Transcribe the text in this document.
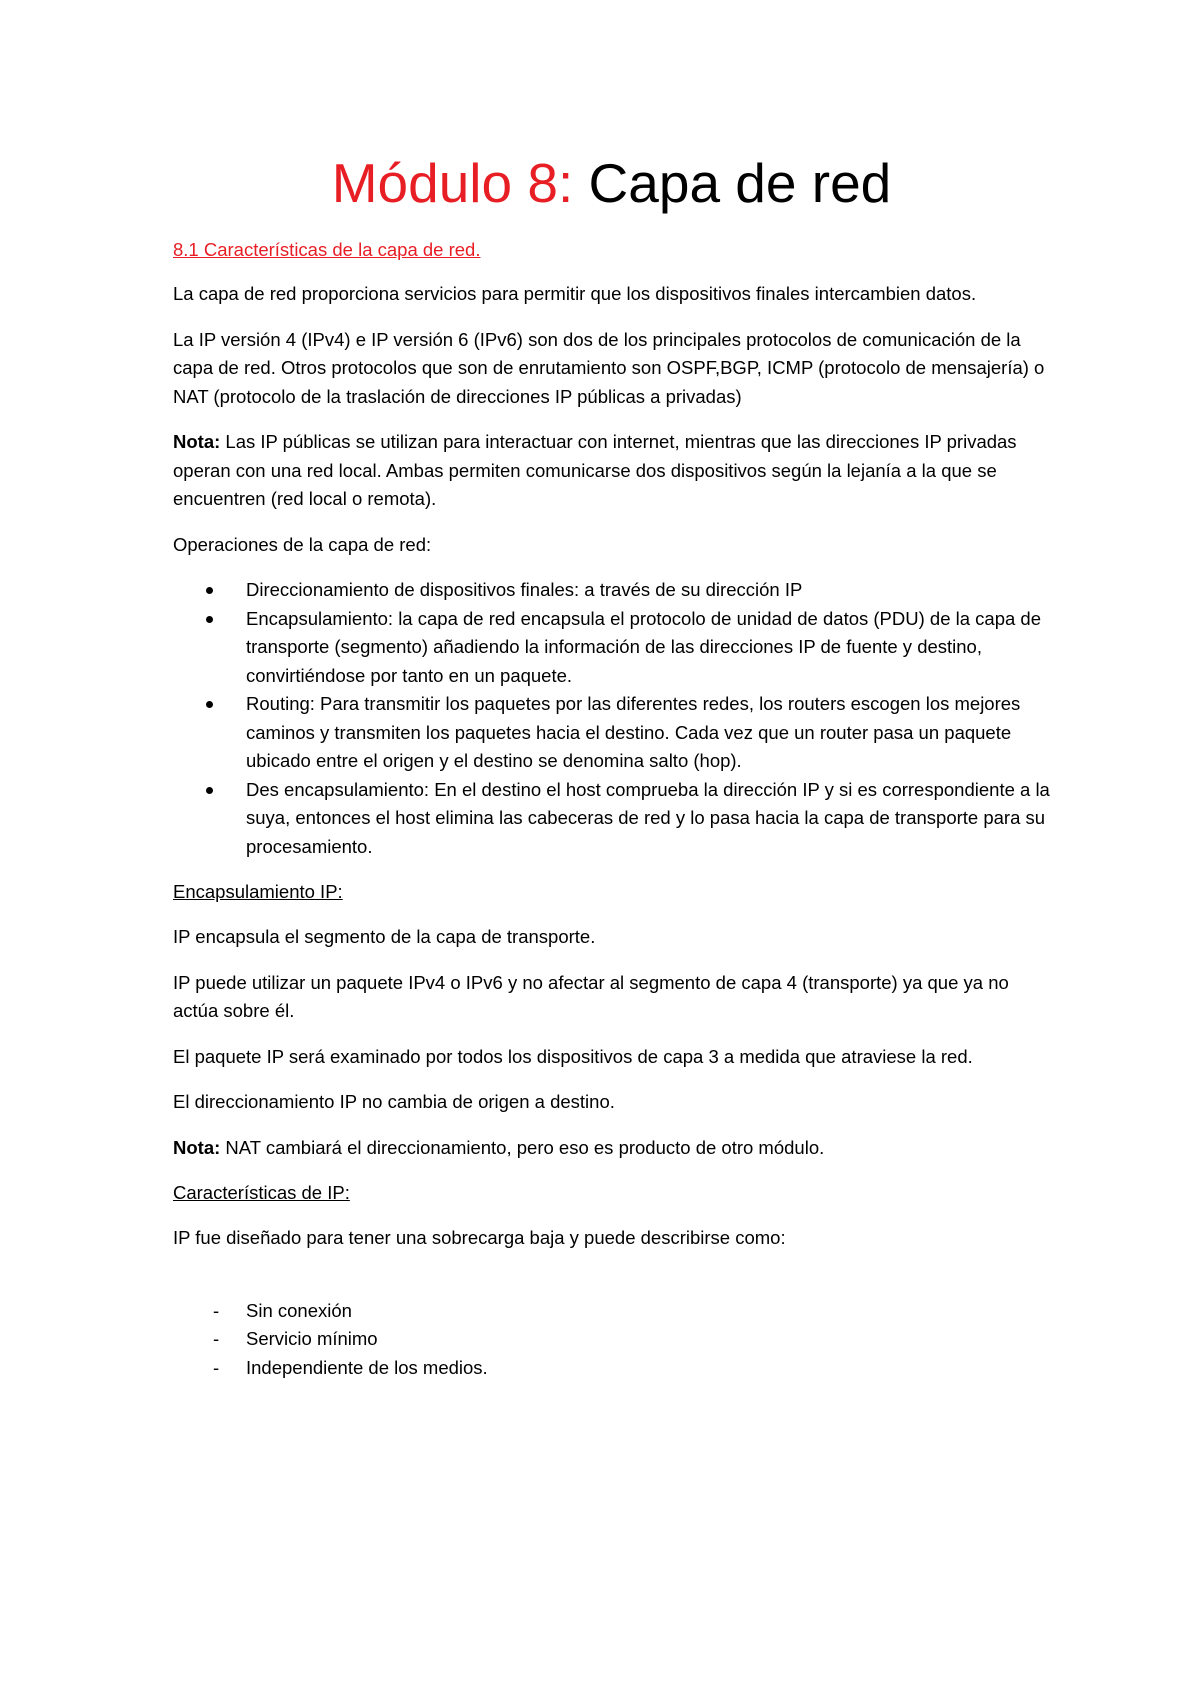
Módulo 8: Capa de red
8.1 Características de la capa de red.

La capa de red proporciona servicios para permitir que los dispositivos finales intercambien datos.

La IP versión 4 (IPv4) e IP versión 6 (IPv6) son dos de los principales protocolos de comunicación de la capa de red. Otros protocolos que son de enrutamiento son OSPF,BGP, ICMP (protocolo de mensajería) o NAT (protocolo de la traslación de direcciones IP públicas a privadas)

Nota: Las IP públicas se utilizan para interactuar con internet, mientras que las direcciones IP privadas operan con una red local. Ambas permiten comunicarse dos dispositivos según la lejanía a la que se encuentren (red local o remota).

Operaciones de la capa de red:

Direccionamiento de dispositivos finales: a través de su dirección IP
Encapsulamiento: la capa de red encapsula el protocolo de unidad de datos (PDU) de la capa de transporte (segmento) añadiendo la información de las direcciones IP de fuente y destino, convirtiéndose por tanto en un paquete.
Routing: Para transmitir los paquetes por las diferentes redes, los routers escogen los mejores caminos y transmiten los paquetes hacia el destino. Cada vez que un router pasa un paquete ubicado entre el origen y el destino se denomina salto (hop).
Des encapsulamiento: En el destino el host comprueba la dirección IP y si es correspondiente a la suya, entonces el host elimina las cabeceras de red y lo pasa hacia la capa de transporte para su procesamiento.
Encapsulamiento IP:

IP encapsula el segmento de la capa de transporte.

IP puede utilizar un paquete IPv4 o IPv6 y no afectar al segmento de capa 4 (transporte) ya que ya no actúa sobre él.

El paquete IP será examinado por todos los dispositivos de capa 3 a medida que atraviese la red.

El direccionamiento IP no cambia de origen a destino.

Nota: NAT cambiará el direccionamiento, pero eso es producto de otro módulo.

Características de IP:

IP fue diseñado para tener una sobrecarga baja y puede describirse como:

- Sin conexión
- Servicio mínimo
- Independiente de los medios.
